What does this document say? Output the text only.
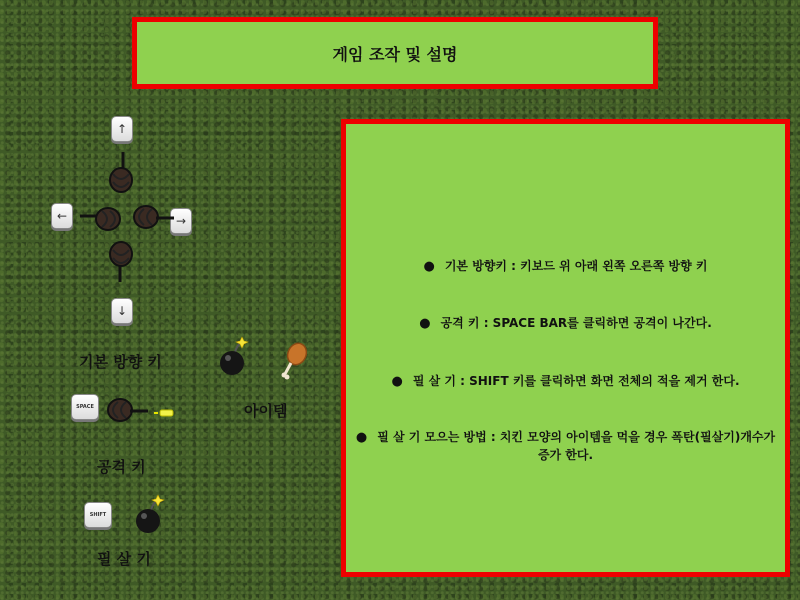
게임 조작 및 설명
↑
↓
←	→
기본 방향 키
SPACE
공격 키
SHIFT
필 살 기
아이템
● 기본 방향키 : 키보드 위 아래 왼쪽 오른쪽 방향 키
● 공격 키 : SPACE BAR를 클릭하면 공격이 나간다.
● 필 살 기 : SHIFT 키를 클릭하면 화면 전체의 적을 제거 한다.
● 필 살 기 모으는 방법 : 치킨 모양의 아이템을 먹을 경우 폭탄(필살기)개수가
증가 한다.
